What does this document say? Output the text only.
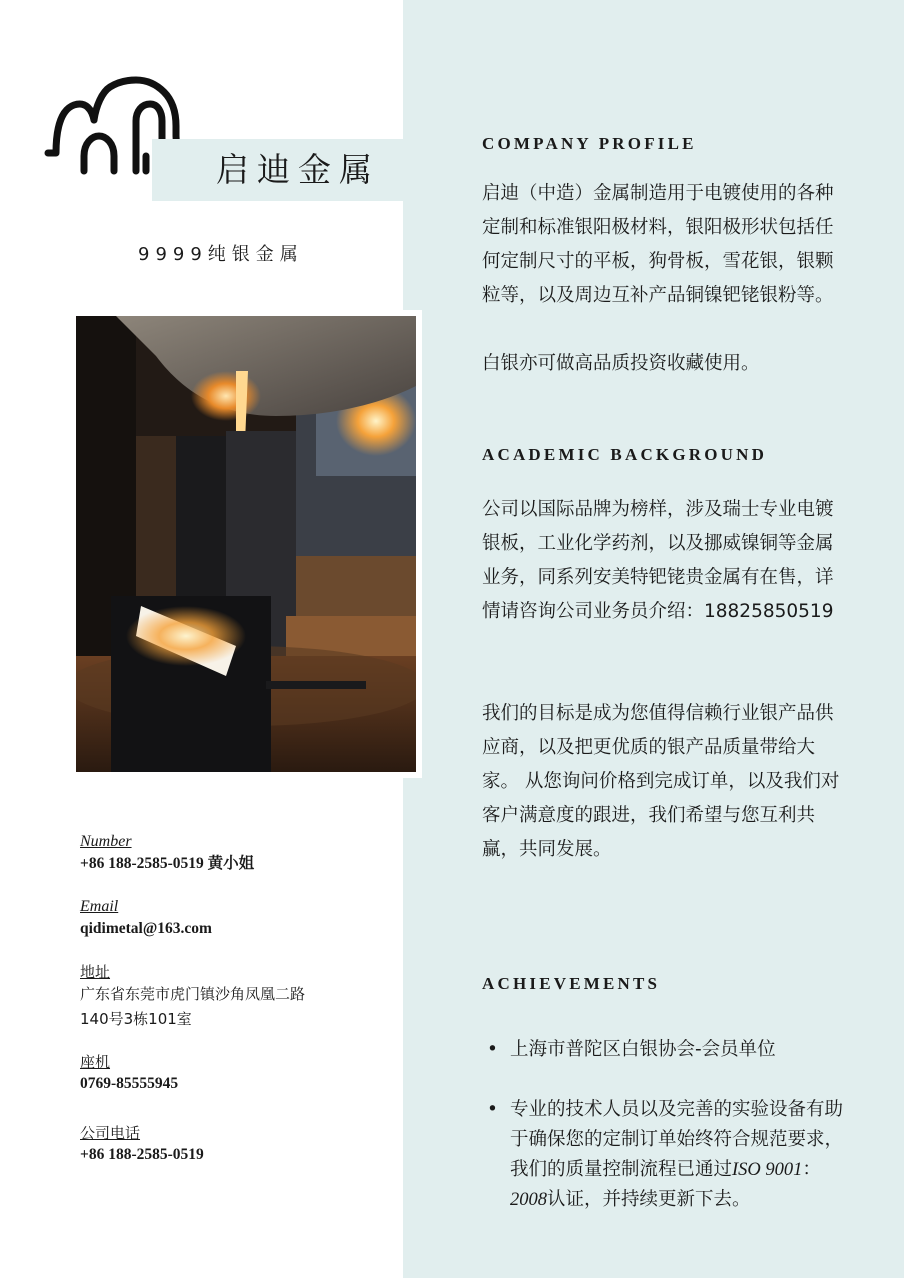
启迪金属
9999纯银金属
Number
+86 188-2585-0519 黄小姐
Email
qidimetal@163.com
地址
广东省东莞市虎门镇沙角凤凰二路140号3栋101室
座机
0769-85555945
公司电话
+86 188-2585-0519
COMPANY PROFILE

启迪（中造）金属制造用于电镀使用的各种定制和标准银阳极材料，银阳极形状包括任何定制尺寸的平板，狗骨板，雪花银，银颗粒等，以及周边互补产品铜镍钯铑银粉等。

白银亦可做高品质投资收藏使用。

ACADEMIC BACKGROUND

公司以国际品牌为榜样，涉及瑞士专业电镀银板，工业化学药剂，以及挪威镍铜等金属业务，同系列安美特钯铑贵金属有在售，详情请咨询公司业务员介绍：18825850519

我们的目标是成为您值得信赖行业银产品供应商，以及把更优质的银产品质量带给大家。 从您询问价格到完成订单，以及我们对客户满意度的跟进，我们希望与您互利共赢，共同发展。

ACHIEVEMENTS
• 上海市普陀区白银协会-会员单位
• 专业的技术人员以及完善的实验设备有助于确保您的定制订单始终符合规范要求，我们的质量控制流程已通过ISO 9001：2008认证，并持续更新下去。
